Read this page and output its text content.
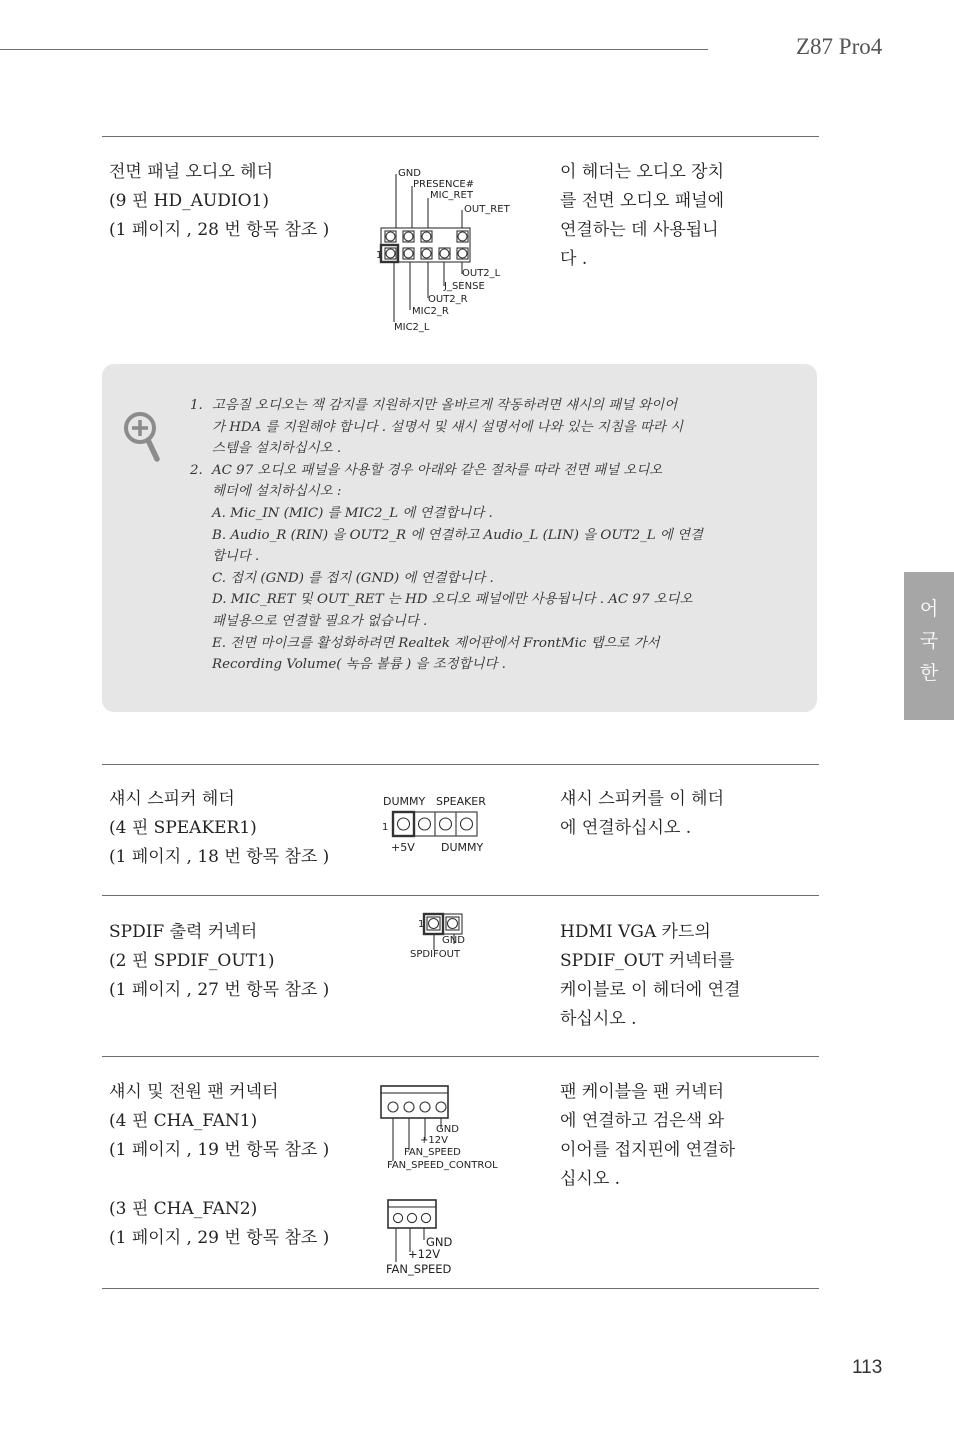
Z87 Pro4
어
국
한
전면 패널 오디오 헤더
(9 핀 HD_AUDIO1)
(1 페이지 , 28 번 항목 참조 )
GND
PRESENCE#
MIC_RET
OUT_RET
1
OUT2_L
J_SENSE
OUT2_R
MIC2_R
MIC2_L
이 헤더는 오디오 장치
를 전면 오디오 패널에
연결하는 데 사용됩니
다 .
1. 고음질 오디오는 잭 감지를 지원하지만 올바르게 작동하려면 섀시의 패널 와이어
가 HDA 를 지원해야 합니다 . 설명서 및 섀시 설명서에 나와 있는 지침을 따라 시
스템을 설치하십시오 .
2. AC 97 오디오 패널을 사용할 경우 아래와 같은 절차를 따라 전면 패널 오디오
헤더에 설치하십시오 :
A. Mic_IN (MIC) 를 MIC2_L 에 연결합니다 .
B. Audio_R (RIN) 을 OUT2_R 에 연결하고 Audio_L (LIN) 을 OUT2_L 에 연결
합니다 .
C. 접지 (GND) 를 접지 (GND) 에 연결합니다 .
D. MIC_RET 및 OUT_RET 는 HD 오디오 패널에만 사용됩니다 . AC 97 오디오
패널용으로 연결할 필요가 없습니다 .
E. 전면 마이크를 활성화하려면 Realtek 제어판에서 FrontMic 탭으로 가서
Recording Volume( 녹음 볼륨 ) 을 조정합니다 .
섀시 스피커 헤더
(4 핀 SPEAKER1)
(1 페이지 , 18 번 항목 참조 )
DUMMY SPEAKER
1
+5V DUMMY
섀시 스피커를 이 헤더
에 연결하십시오 .
SPDIF 출력 커넥터
(2 핀 SPDIF_OUT1)
(1 페이지 , 27 번 항목 참조 )
1
GND
SPDIFOUT
HDMI VGA 카드의
SPDIF_OUT 커넥터를
케이블로 이 헤더에 연결
하십시오 .
섀시 및 전원 팬 커넥터
(4 핀 CHA_FAN1)
(1 페이지 , 19 번 항목 참조 )
(3 핀 CHA_FAN2)
(1 페이지 , 29 번 항목 참조 )
GND
+12V
FAN_SPEED
FAN_SPEED_CONTROL
GND
+12V
FAN_SPEED
팬 케이블을 팬 커넥터
에 연결하고 검은색 와
이어를 접지핀에 연결하
십시오 .
113
